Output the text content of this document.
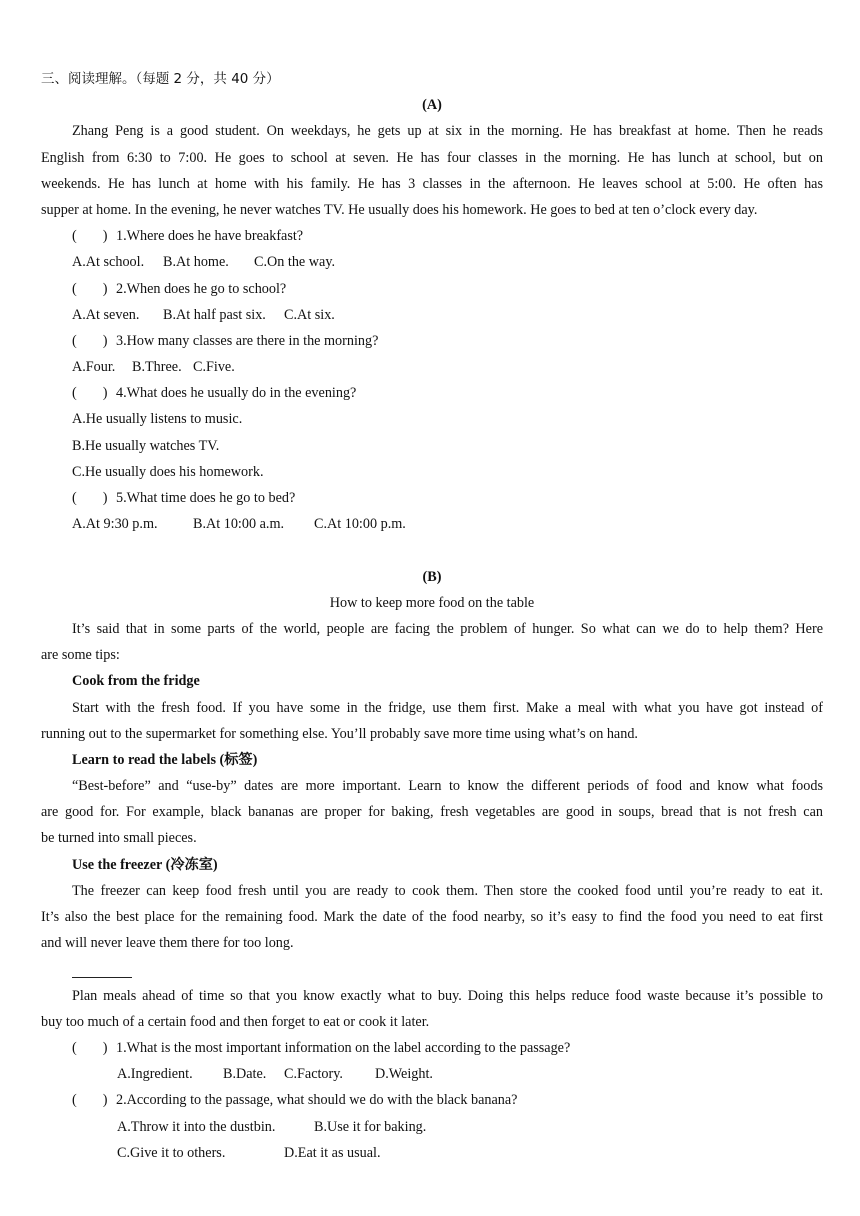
三、阅读理解。（每题 2 分，共 40 分）
(A)
Zhang Peng is a good student. On weekdays, he gets up at six in the morning. He has breakfast at home. Then he reads
English from 6:30 to 7:00. He goes to school at seven. He has four classes in the morning. He has lunch at school, but on
weekends. He has lunch at home with his family. He has 3 classes in the afternoon. He leaves school at 5:00. He often has
supper at home. In the evening, he never watches TV. He usually does his homework. He goes to bed at ten o’clock every day.
( ) 1.Where does he have breakfast?
A.At school. B.At home. C.On the way.
( ) 2.When does he go to school?
A.At seven. B.At half past six. C.At six.
( ) 3.How many classes are there in the morning?
A.Four. B.Three. C.Five.
( ) 4.What does he usually do in the evening?
A.He usually listens to music.
B.He usually watches TV.
C.He usually does his homework.
( ) 5.What time does he go to bed?
A.At 9:30 p.m. B.At 10:00 a.m. C.At 10:00 p.m.
(B)
How to keep more food on the table
It’s said that in some parts of the world, people are facing the problem of hunger. So what can we do to help them? Here
are some tips:
Cook from the fridge
Start with the fresh food. If you have some in the fridge, use them first. Make a meal with what you have got instead of
running out to the supermarket for something else. You’ll probably save more time using what’s on hand.
Learn to read the labels (标签)
“Best-before” and “use-by” dates are more important. Learn to know the different periods of food and know what foods
are good for. For example, black bananas are proper for baking, fresh vegetables are good in soups, bread that is not fresh can
be turned into small pieces.
Use the freezer (冷冻室)
The freezer can keep food fresh until you are ready to cook them. Then store the cooked food until you’re ready to eat it.
It’s also the best place for the remaining food. Mark the date of the food nearby, so it’s easy to find the food you need to eat first
and will never leave them there for too long.
Plan meals ahead of time so that you know exactly what to buy. Doing this helps reduce food waste because it’s possible to
buy too much of a certain food and then forget to eat or cook it later.
( ) 1.What is the most important information on the label according to the passage?
A.Ingredient. B.Date. C.Factory. D.Weight.
( ) 2.According to the passage, what should we do with the black banana?
A.Throw it into the dustbin.	B.Use it for baking.
C.Give it to others.	D.Eat it as usual.
